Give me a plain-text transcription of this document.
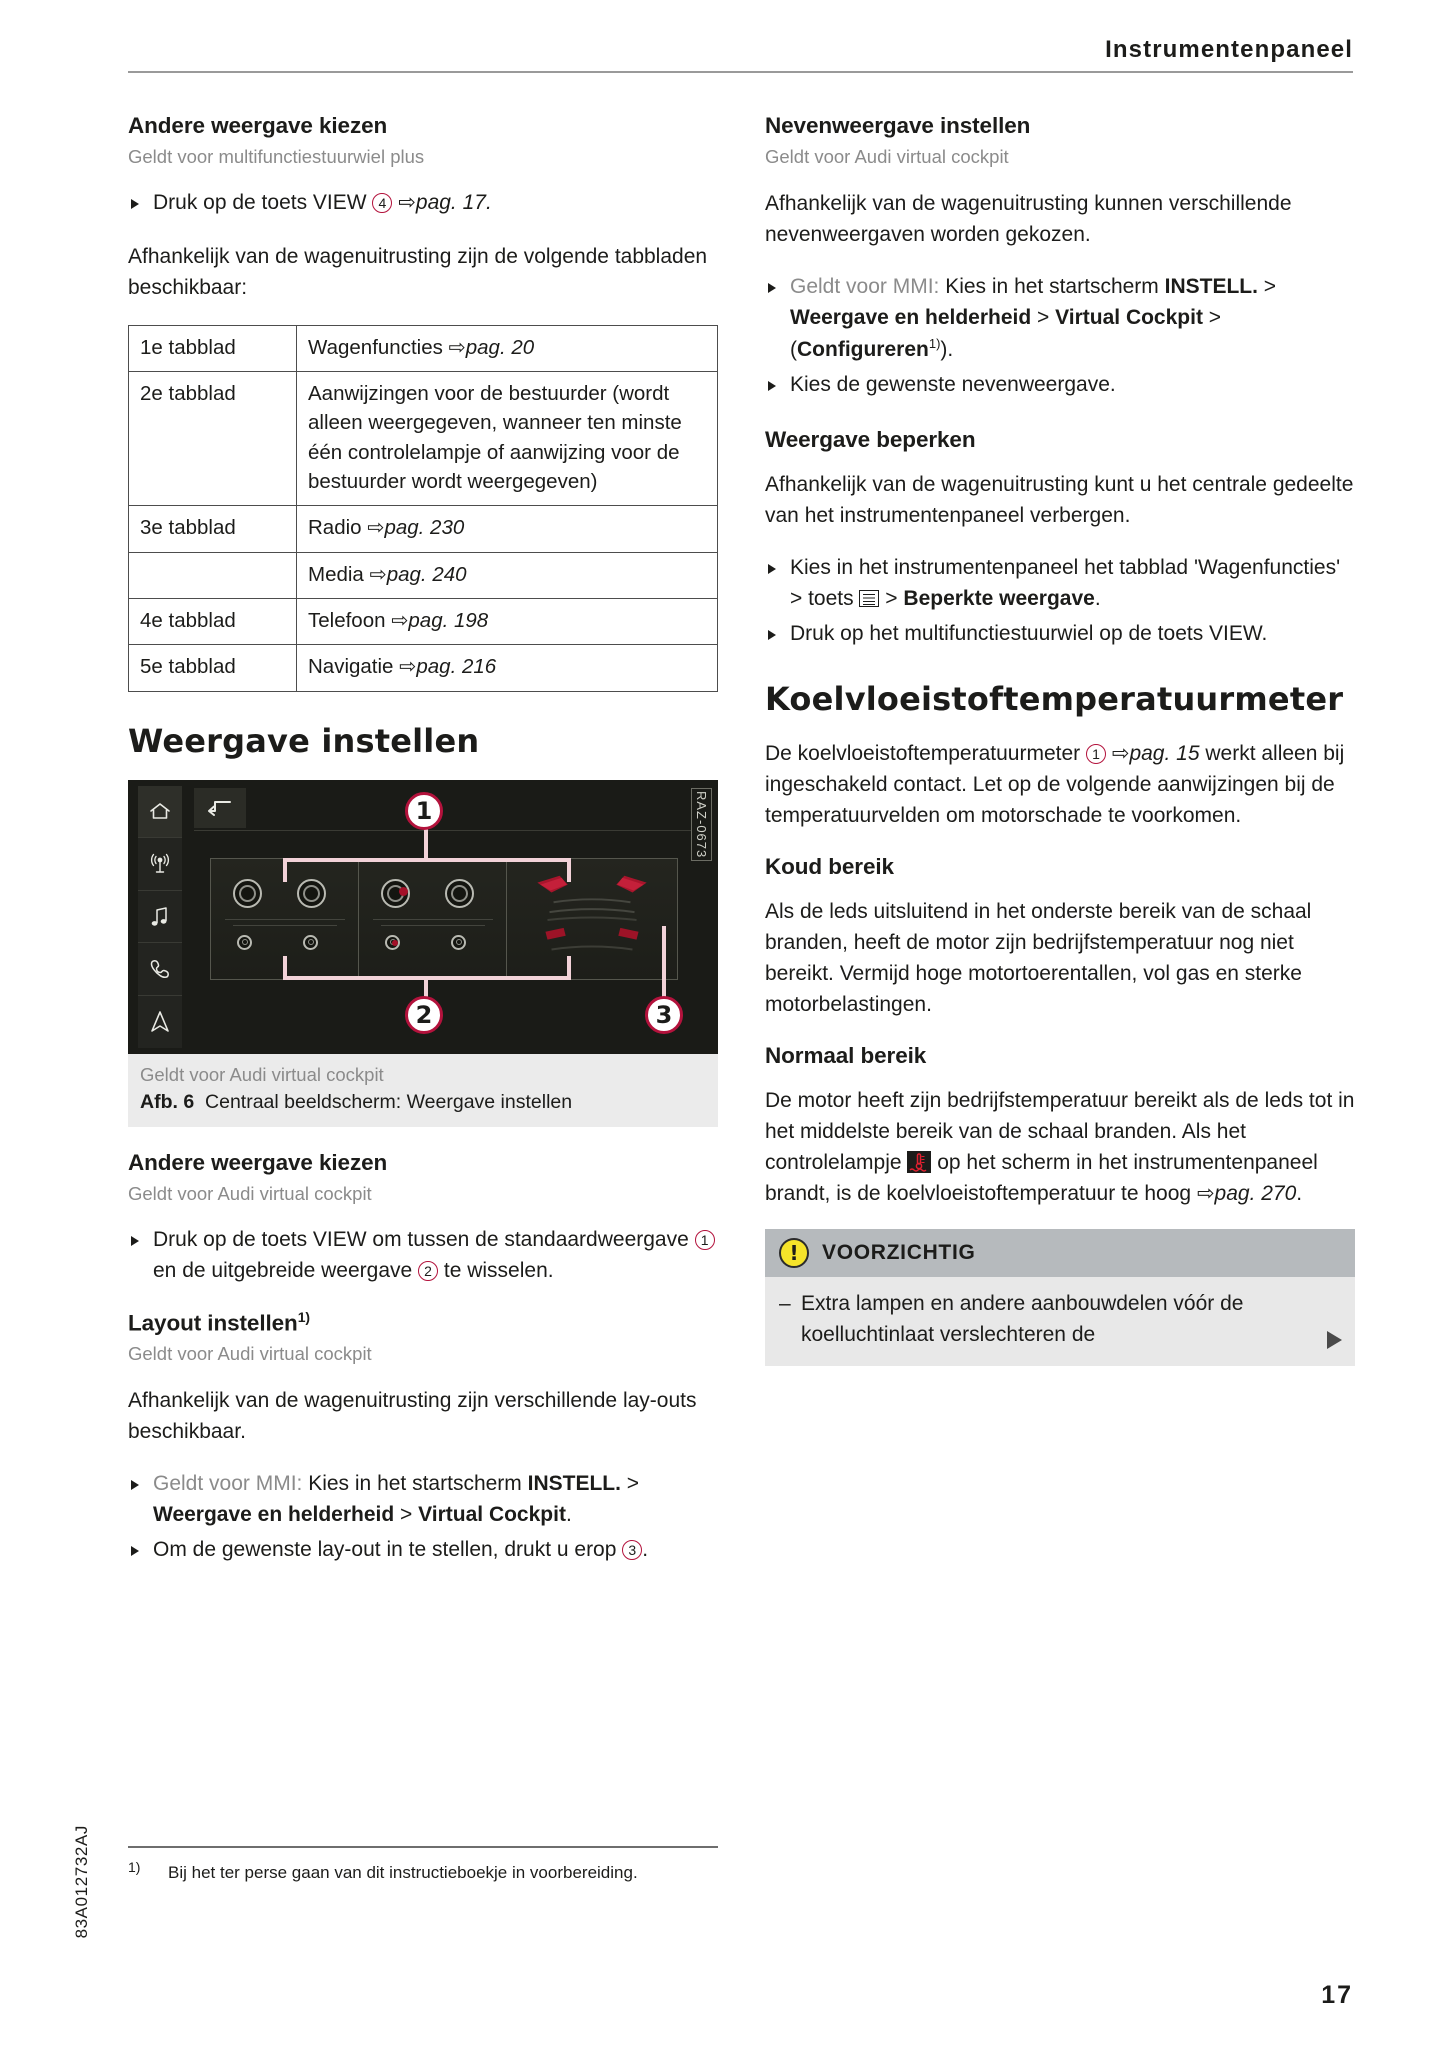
Instrumentenpaneel
Andere weergave kiezen
Geldt voor multifunctiestuurwiel plus
Druk op de toets VIEW 4 ⇨pag. 17.

Afhankelijk van de wagenuitrusting zijn de volgende tabbladen beschikbaar:

1e tabblad	Wagenfuncties ⇨pag. 20
2e tabblad	Aanwijzingen voor de bestuurder (wordt alleen weergegeven, wanneer ten minste één controlelampje of aanwijzing voor de bestuurder wordt weergegeven)
3e tabblad	Radio ⇨pag. 230
	Media ⇨pag. 240
4e tabblad	Telefoon ⇨pag. 198
5e tabblad	Navigatie ⇨pag. 216
Weergave instellen
1
2	3
RAZ-0673
Geldt voor Audi virtual cockpit
Afb. 6 Centraal beeldscherm: Weergave instellen
Andere weergave kiezen
Geldt voor Audi virtual cockpit
Druk op de toets VIEW om tussen de standaardweergave 1 en de uitgebreide weergave 2 te wisselen.
Layout instellen$^{1)}$
Geldt voor Audi virtual cockpit

Afhankelijk van de wagenuitrusting zijn verschillende lay-outs beschikbaar.

Geldt voor MMI: Kies in het startscherm INSTELL. > Weergave en helderheid > Virtual Cockpit.
Om de gewenste lay-out in te stellen, drukt u erop 3 .
Nevenweergave instellen
Geldt voor Audi virtual cockpit

Afhankelijk van de wagenuitrusting kunnen verschillende nevenweergaven worden gekozen.

Geldt voor MMI: Kies in het startscherm INSTELL. > Weergave en helderheid > Virtual Cockpit > (Configureren$^{1)}$).
Kies de gewenste nevenweergave.
Weergave beperken

Afhankelijk van de wagenuitrusting kunt u het centrale gedeelte van het instrumentenpaneel verbergen.

Kies in het instrumentenpaneel het tabblad 'Wagenfuncties' > toets  > Beperkte weergave.
Druk op het multifunctiestuurwiel op de toets VIEW.
Koelvloeistoftemperatuurmeter

De koelvloeistoftemperatuurmeter 1 ⇨pag. 15 werkt alleen bij ingeschakeld contact. Let op de volgende aanwijzingen bij de temperatuurvelden om motorschade te voorkomen.

Koud bereik

Als de leds uitsluitend in het onderste bereik van de schaal branden, heeft de motor zijn bedrijfstemperatuur nog niet bereikt. Vermijd hoge motortoerentallen, vol gas en sterke motorbelastingen.

Normaal bereik

De motor heeft zijn bedrijfstemperatuur bereikt als de leds tot in het middelste bereik van de schaal branden. Als het controlelampje
op het scherm in het instrumentenpaneel brandt, is de koelvloeistoftemperatuur te hoog ⇨pag. 270.

!	VOORZICHTIG
– Extra lampen en andere aanbouwdelen vóór de koelluchtinlaat verslechteren de
1) Bij het ter perse gaan van dit instructieboekje in voorbereiding.
83A012732AJ
17
